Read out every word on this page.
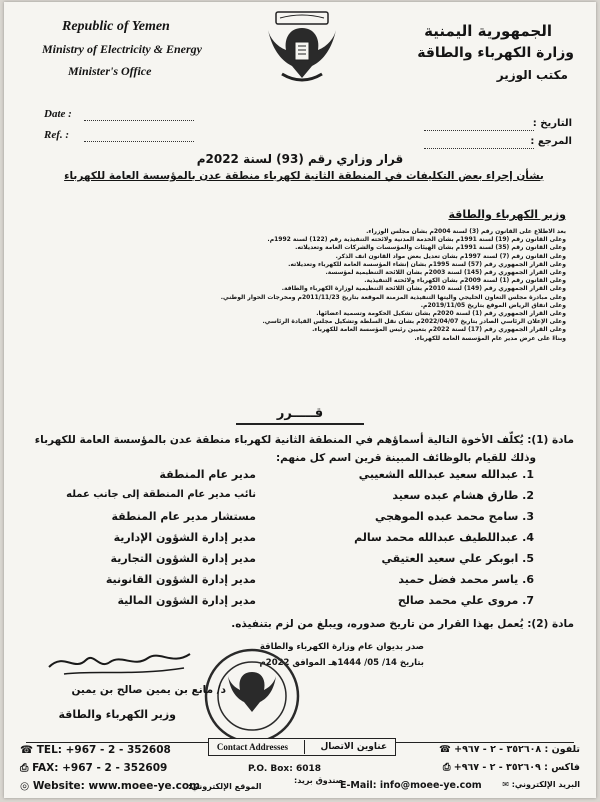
Republic of Yemen
Ministry of Electricity & Energy
Minister's Office
الجمهورية اليمنية
وزارة الكهرباء والطاقة
مكتب الوزير
Date :
Ref. :
التاريخ :
المرجع :
قرار وزاري رقم (93) لسنة 2022م
بشأن إجراء بعض التكليفات في المنطقة الثانية لكهرباء منطقة عدن بالمؤسسة العامة للكهرباء
وزير الكهرباء والطاقة
بعد الاطلاع على القانون رقم (3) لسنة 2004م بشأن مجلس الوزراء.
وعلى القانون رقم (19) لسنة 1991م بشأن الخدمة المدنية ولائحته التنفيذية رقم (122) لسنة 1992م.
وعلى القانون رقم (35) لسنة 1991م بشأن الهيئات والمؤسسات والشركات العامة وتعديلاته.
وعلى القانون رقم (7) لسنة 1997م بشأن تعديل بعض مواد القانون آنف الذكر.
وعلى القرار الجمهوري رقم (57) لسنة 1995م بشأن إنشاء المؤسسة العامة للكهرباء وتعديلاته.
وعلى القرار الجمهوري رقم (145) لسنة 2003م بشأن اللائحة التنظيمية لمؤسسة.
وعلى القانون رقم (1) لسنة 2009م بشأن الكهرباء ولائحته التنفيذية.
وعلى القرار الجمهوري رقم (149) لسنة 2010م بشأن اللائحة التنظيمية لوزارة الكهرباء والطاقة.
وعلى مبادرة مجلس التعاون الخليجي وآليتها التنفيذية المزمنة الموقعة بتاريخ 2011/11/23م ومخرجات الحوار الوطني.
وعلى اتفاق الرياض الموقع بتاريخ 2019/11/05م.
وعلى القرار الجمهوري رقم (1) لسنة 2020م بشأن تشكيل الحكومة وتسمية أعضائها.
وعلى الإعلان الرئاسي الصادر بتاريخ 2022/04/07م بشأن نقل السلطة وتشكيل مجلس القيادة الرئاسي.
وعلى القرار الجمهوري رقم (17) لسنة 2022م بتعيين رئيس المؤسسة العامة للكهرباء.
وبناءً على عرض مدير عام المؤسسة العامة للكهرباء.
قـــــرر
مادة (1): يُكلّف الأخوة التالية أسماؤهم في المنطقة الثانية لكهرباء منطقة عدن بالمؤسسة العامة للكهرباء
وذلك للقيام بالوظائف المبينة قرين اسم كل منهم:
1. عبدالله سعيد عبدالله الشعيبي
مدير عام المنطقة
2. طارق هشام عبده سعيد
نائب مدير عام المنطقة إلى جانب عمله
3. سامح محمد عبده الموهجي
مستشار مدير عام المنطقة
4. عبداللطيف عبدالله محمد سالم
مدير إدارة الشؤون الإدارية
5. ابوبكر علي سعيد العتيقي
مدير إدارة الشؤون التجارية
6. ياسر محمد فضل حميد
مدير إدارة الشؤون القانونية
7. مروى علي محمد صالح
مدير إدارة الشؤون المالية
مادة (2): يُعمل بهذا القرار من تاريخ صدوره، ويبلغ من لزم بتنفيذه.
صدر بديوان عام وزارة الكهرباء والطاقة
بتاريخ 14/ 05/ 1444هـ الموافق 2022م
د/ مانع بن يمين صالح بن يمين
وزير الكهرباء والطاقة
Contact Addresses	عناوين الاتصال
☎ TEL: +967 - 2 - 352608
⎙ FAX: +967 - 2 - 352609
◎ Website: www.moee-ye.com
الموقع الإلكتروني:
P.O. Box: 6018
صندوق بريد:
تلفون : ٣٥٢٦٠٨ - ٢ - ٩٦٧+ ☎
فاكس : ٣٥٢٦٠٩ - ٢ - ٩٦٧+ ⎙
البريد الإلكتروني: ✉
E-Mail: info@moee-ye.com
